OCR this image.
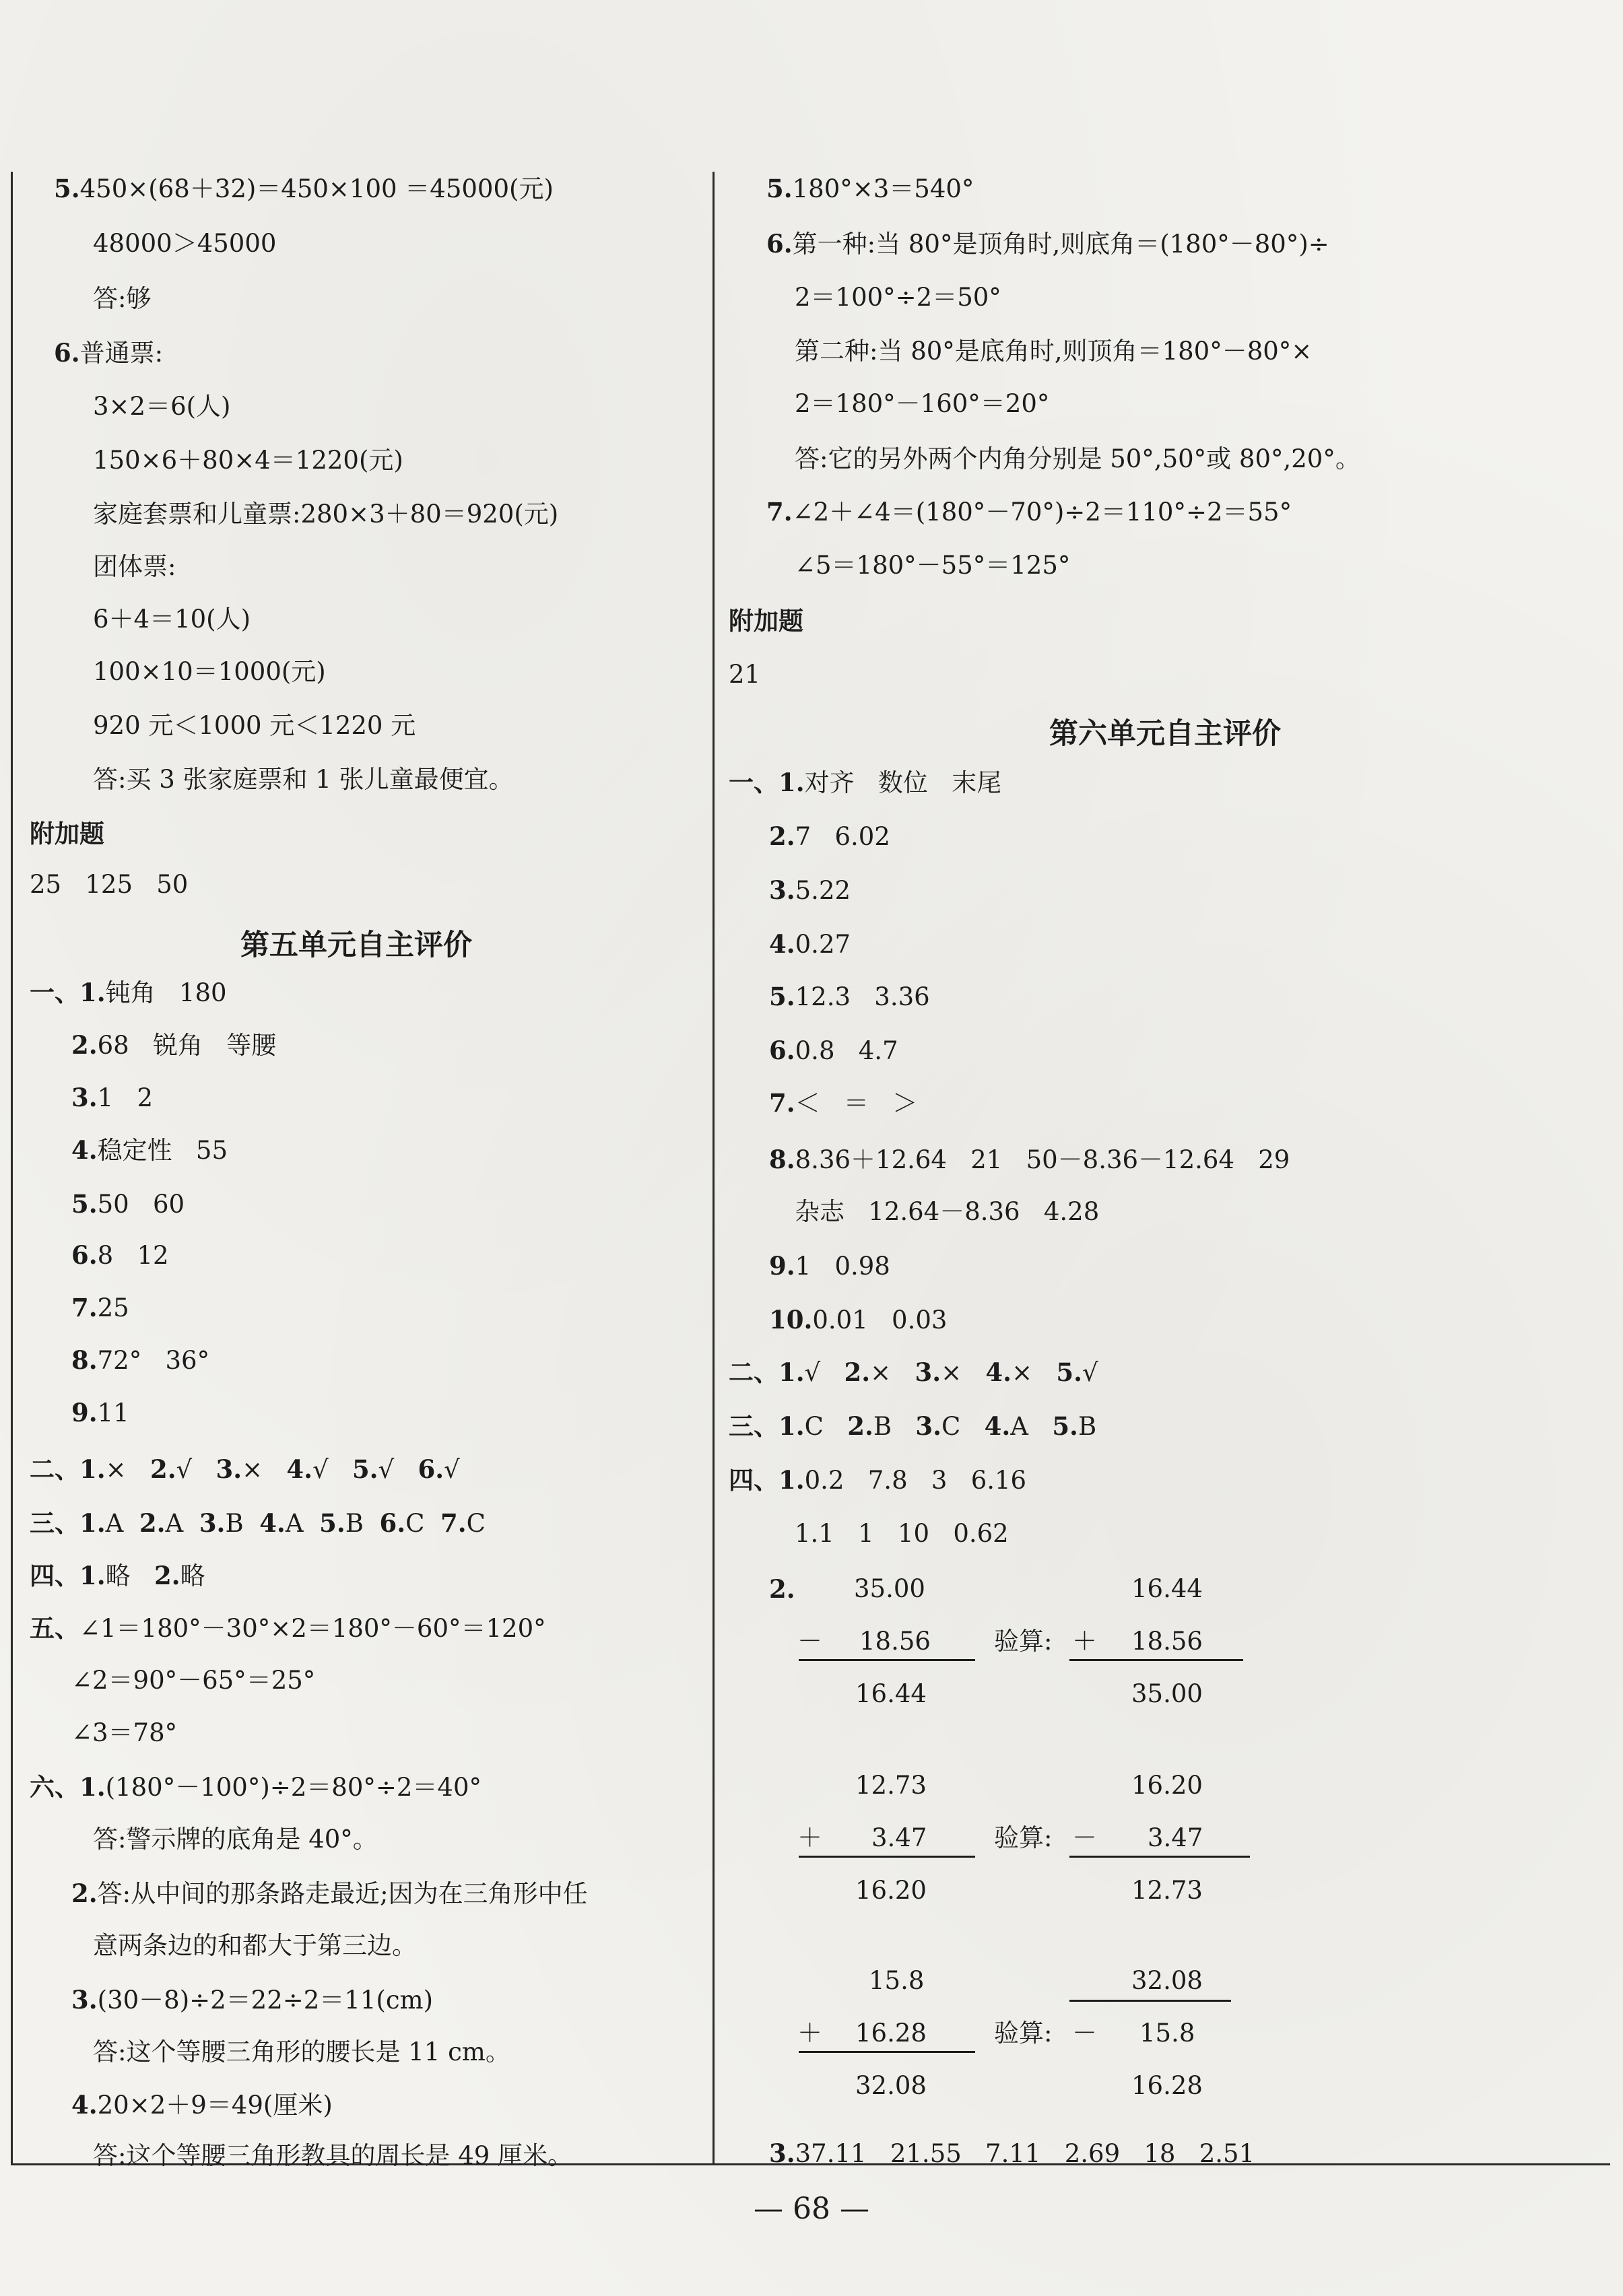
5.450×(68＋32)＝450×100 ＝45000(元)
48000＞45000
答:够
6.普通票:
3×2＝6(人)
150×6＋80×4＝1220(元)
家庭套票和儿童票:280×3＋80＝920(元)
团体票:
6＋4＝10(人)
100×10＝1000(元)
920 元＜1000 元＜1220 元
答:买 3 张家庭票和 1 张儿童最便宜。
附加题
25   125   50
第五单元自主评价
一、1.钝角   180
2.68   锐角   等腰
3.1   2
4.稳定性   55
5.50   60
6.8   12
7.25
8.72°   36°
9.11
二、1.× 2.√ 3.× 4.√ 5.√ 6.√
三、1.A 2.A 3.B 4.A 5.B 6.C 7.C
四、1.略 2.略
五、∠1＝180°－30°×2＝180°－60°＝120°
∠2＝90°－65°＝25°
∠3＝78°
六、1.(180°－100°)÷2＝80°÷2＝40°
答:警示牌的底角是 40°。
2.答:从中间的那条路走最近;因为在三角形中任
意两条边的和都大于第三边。
3.(30－8)÷2＝22÷2＝11(cm)
答:这个等腰三角形的腰长是 11 cm。
4.20×2＋9＝49(厘米)
答:这个等腰三角形教具的周长是 49 厘米。
5.180°×3＝540°
6.第一种:当 80°是顶角时,则底角＝(180°－80°)÷
2＝100°÷2＝50°
第二种:当 80°是底角时,则顶角＝180°－80°×
2＝180°－160°＝20°
答:它的另外两个内角分别是 50°,50°或 80°,20°。
7.∠2＋∠4＝(180°－70°)÷2＝110°÷2＝55°
∠5＝180°－55°＝125°
附加题
21
第六单元自主评价
一、1.对齐   数位   末尾
2.7   6.02
3.5.22
4.0.27
5.12.3   3.36
6.0.8   4.7
7.＜   ＝   ＞
8.8.36＋12.64   21   50－8.36－12.64   29
杂志   12.64－8.36   4.28
9.1   0.98
10.0.01   0.03
二、1.√ 2.× 3.× 4.× 5.√
三、1.C 2.B 3.C 4.A 5.B
四、1.0.2   7.8   3   6.16
1.1   1   10   0.62
2. 35.00
－ 18.56
16.44
16.44
验算: ＋ 18.56
35.00
12.73
＋ 3.47
16.20
16.20
验算: － 3.47
12.73
15.8
＋ 16.28
32.08
32.08
验算: － 15.8
16.28
3.37.11   21.55   7.11   2.69   18   2.51
— 68 —
